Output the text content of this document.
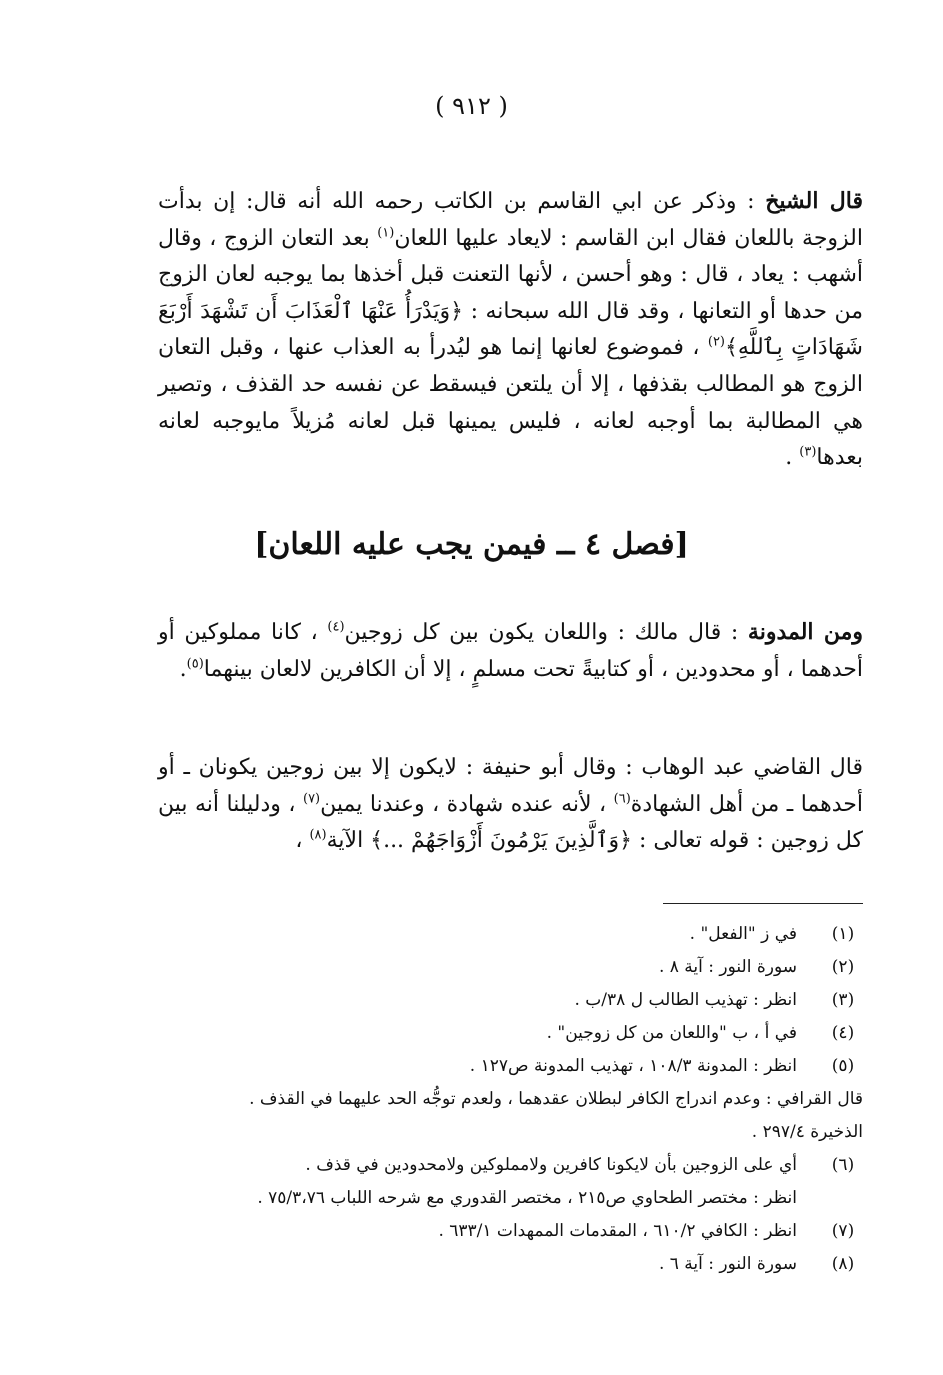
( ٩١٢ )

قال الشيخ : وذكر عن ابي القاسم بن الكاتب رحمه الله أنه قال: إن بدأت الزوجة باللعان فقال ابن القاسم : لايعاد عليها اللعان$^{(١)}$ بعد التعان الزوج ، وقال أشهب : يعاد ، قال : وهو أحسن ، لأنها التعنت قبل أخذها بما يوجبه لعان الزوج من حدها أو التعانها ، وقد قال الله سبحانه : ﴿وَيَدْرَأُ عَنْهَا ٱلْعَذَابَ أَن تَشْهَدَ أَرْبَعَ شَهَادَاتٍ بِٱللَّهِ﴾$^{(٢)}$ ، فموضوع لعانها إنما هو ليُدرأ به العذاب عنها ، وقبل التعان الزوج هو المطالب بقذفها ، إلا أن يلتعن فيسقط عن نفسه حد القذف ، وتصير هي المطالبة بما أوجبه لعانه ، فليس يمينها قبل لعانه مُزيلاً مايوجبه لعانه بعدها$^{(٣)}$ .

[فصل ٤ ــ فيمن يجب عليه اللعان]

ومن المدونة : قال مالك : واللعان يكون بين كل زوجين$^{(٤)}$ ، كانا مملوكين أو أحدهما ، أو محدودين ، أو كتابيةً تحت مسلمٍ ، إلا أن الكافرين لالعان بينهما$^{(٥)}$.

قال القاضي عبد الوهاب : وقال أبو حنيفة : لايكون إلا بين زوجين يكونان ـ أو أحدهما ـ من أهل الشهادة$^{(٦)}$ ، لأنه عنده شهادة ، وعندنا يمين$^{(٧)}$ ، ودليلنا أنه بين كل زوجين : قوله تعالى : ﴿وَٱلَّذِينَ يَرْمُونَ أَزْوَاجَهُمْ ...﴾ الآية$^{(٨)}$ ،

(١)
في ز "الفعل" .
(٢)
سورة النور : آية ٨ .
(٣)
انظر : تهذيب الطالب ل ٣٨/ب .
(٤)
في أ ، ب "واللعان من كل زوجين" .
(٥)
انظر : المدونة ١٠٨/٣ ، تهذيب المدونة ص١٢٧ .
قال القرافي : وعدم اندراج الكافر لبطلان عقدهما ، ولعدم توجُّه الحد عليهما في القذف .
الذخيرة ٢٩٧/٤ .
(٦)
أي على الزوجين بأن لايكونا كافرين ولامملوكين ولامحدودين في قذف .
انظر : مختصر الطحاوي ص٢١٥ ، مختصر القدوري مع شرحه اللباب ٧٥/٣،٧٦ .
(٧)
انظر : الكافي ٦١٠/٢ ، المقدمات الممهدات ٦٣٣/١ .
(٨)
سورة النور : آية ٦ .
